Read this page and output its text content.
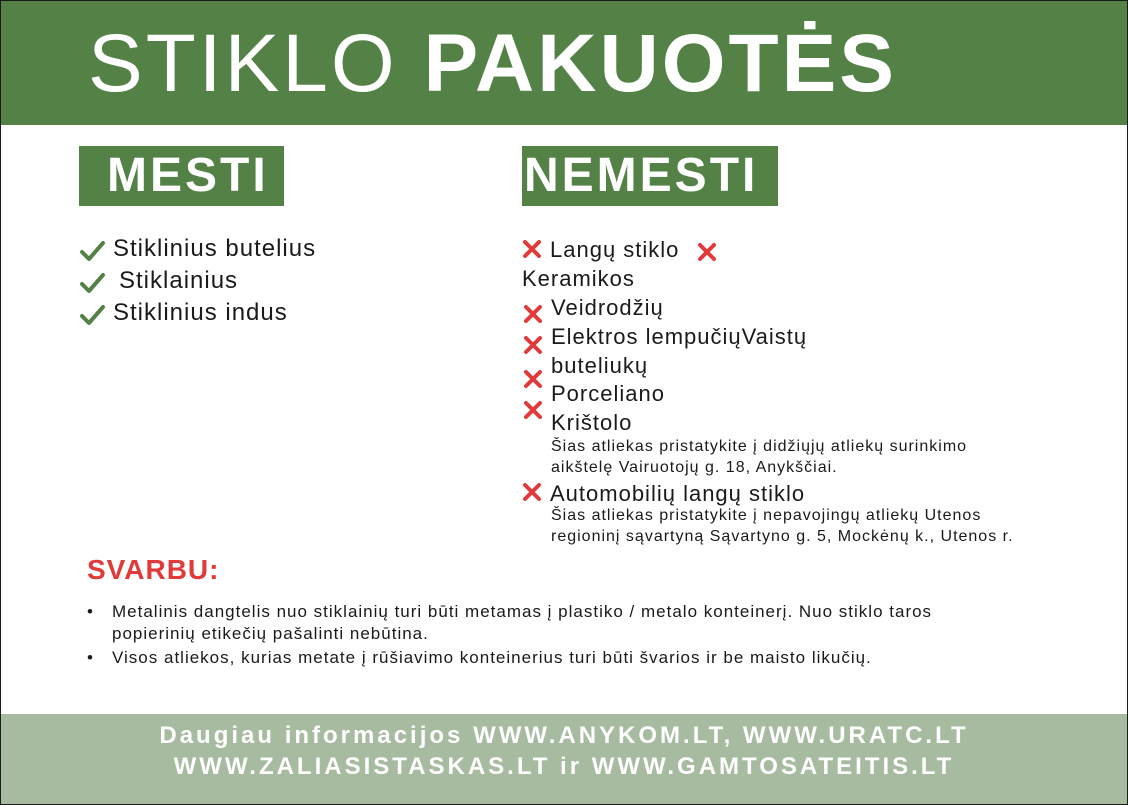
STIKLO PAKUOTĖS
MESTI
Stiklinius butelius
Stiklainius
Stiklinius indus
NEMESTI
Langų stiklo
Keramikos
Veidrodžių
Elektros lempučiųVaistų
buteliukų
Porceliano
Krištolo
Automobilių langų stiklo
Šias atliekas pristatykite į didžiųjų atliekų surinkimo
aikštelę Vairuotojų g. 18, Anykščiai.
Šias atliekas pristatykite į nepavojingų atliekų Utenos
regioninį sąvartyną Sąvartyno g. 5, Mockėnų k., Utenos r.
SVARBU:
• Metalinis dangtelis nuo stiklainių turi būti metamas į plastiko / metalo konteinerį. Nuo stiklo taros
popierinių etikečių pašalinti nebūtina.
• Visos atliekos, kurias metate į rūšiavimo konteinerius turi būti švarios ir be maisto likučių.
Daugiau informacijos WWW.ANYKOM.LT, WWW.URATC.LT
WWW.ZALIASISTASKAS.LT ir WWW.GAMTOSATEITIS.LT
